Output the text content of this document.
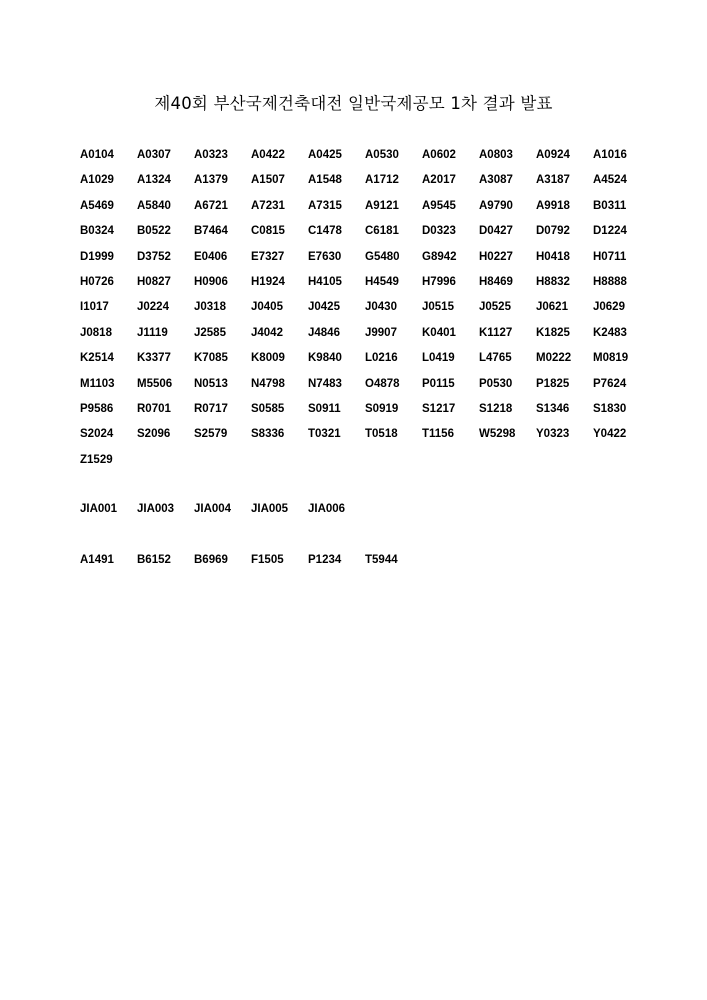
제40회 부산국제건축대전 일반국제공모 1차 결과 발표
A0104	A0307	A0323	A0422	A0425	A0530	A0602	A0803	A0924	A1016
A1029	A1324	A1379	A1507	A1548	A1712	A2017	A3087	A3187	A4524
A5469	A5840	A6721	A7231	A7315	A9121	A9545	A9790	A9918	B0311
B0324	B0522	B7464	C0815	C1478	C6181	D0323	D0427	D0792	D1224
D1999	D3752	E0406	E7327	E7630	G5480	G8942	H0227	H0418	H0711
H0726	H0827	H0906	H1924	H4105	H4549	H7996	H8469	H8832	H8888
I1017	J0224	J0318	J0405	J0425	J0430	J0515	J0525	J0621	J0629
J0818	J1119	J2585	J4042	J4846	J9907	K0401	K1127	K1825	K2483
K2514	K3377	K7085	K8009	K9840	L0216	L0419	L4765	M0222	M0819
M1103	M5506	N0513	N4798	N7483	O4878	P0115	P0530	P1825	P7624
P9586	R0701	R0717	S0585	S0911	S0919	S1217	S1218	S1346	S1830
S2024	S2096	S2579	S8336	T0321	T0518	T1156	W5298	Y0323	Y0422
Z1529
JIA001	JIA003	JIA004	JIA005	JIA006
A1491	B6152	B6969	F1505	P1234	T5944
